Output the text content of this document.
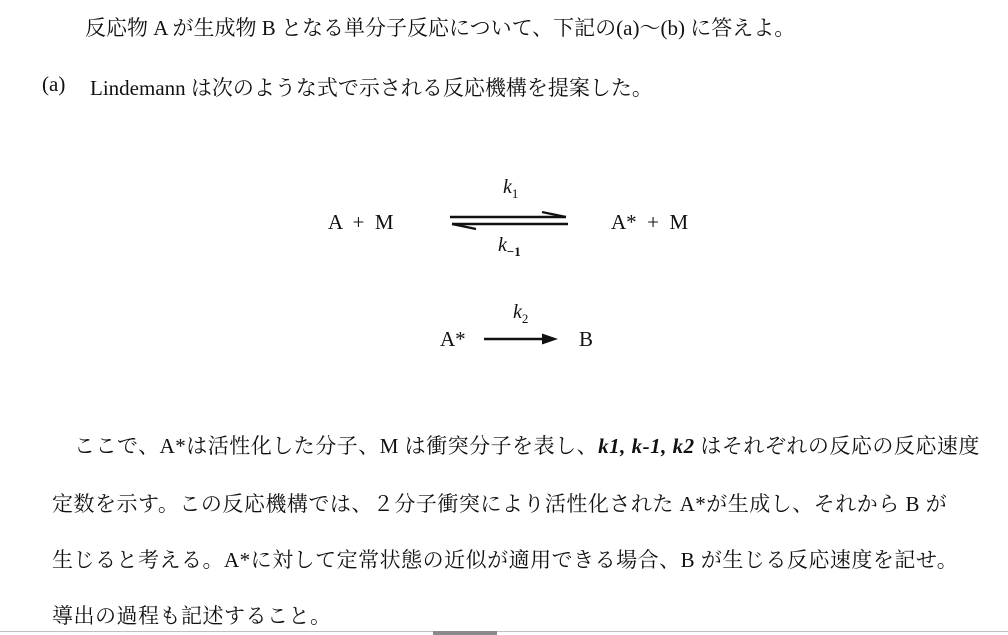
反応物 A が生成物 B となる単分子反応について、下記の(a)～(b) に答えよ。
(a) Lindemann は次のような式で示される反応機構を提案した。
$k_1$
A  +  M
$k_{-1}$
A*  +  M
$k_2$
A*	B
ここで、A*は活性化した分子、M は衝突分子を表し、k1, k-1, k2 はそれぞれの反応の反応速度
定数を示す。この反応機構では、２分子衝突により活性化された A*が生成し、それから B が
生じると考える。A*に対して定常状態の近似が適用できる場合、B が生じる反応速度を記せ。
導出の過程も記述すること。
